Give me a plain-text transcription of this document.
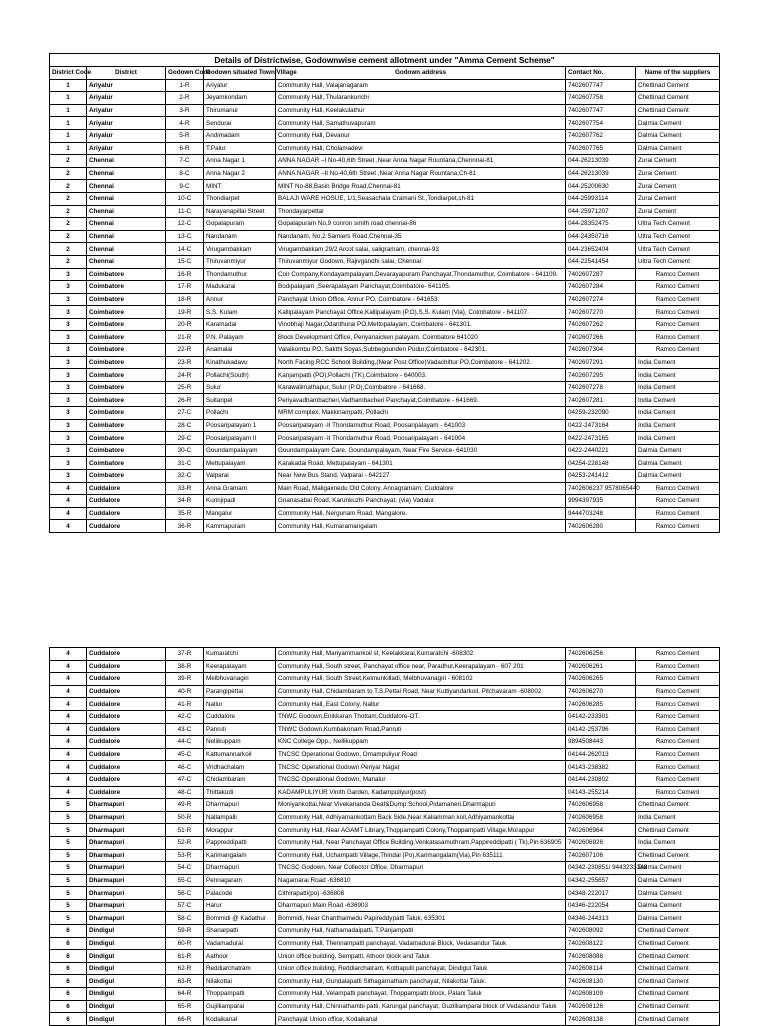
Details of Districtwise, Godownwise cement allotment under "Amma Cement Scheme"						
District Code	District	Godown Code	Godown situated Town/Village	Godown address	Contact No.	Name of the suppliers
1	Ariyalur	1-R	Ariyalur	Community Hall, Valajanagaram	7402607747	Chettinad Cement
1	Ariyalur	2-R	Jeyamkondam	Community Hall, Thularankurichi	7402607758	Chettinad Cement
1	Ariyalur	3-R	Thirumanur	Community Hall, Keelakulathur	7402607747	Chettinad Cement
1	Ariyalur	4-R	Sendurai	Community Hall, Samathuvapuram	7402607754	Dalmia Cement
1	Ariyalur	5-R	Andimadam	Community Hall, Devanur	7402607762	Dalmia Cement
1	Ariyalur	6-R	T.Palur	Community Hall, Cholamadevi	7402607765	Dalmia Cement
2	Chennai	7-C	Anna Nagar 1	ANNA NAGAR –I No-40,6th Street ,Near Anna Nagar Rountana,Chennnai-81	044-26213039	Zurai Cement
2	Chennai	8-C	Anna Nagar 2	ANNA NAGAR –II No-40,6th Street ,Near Anna Nagar Rountana,Ch-81	044-26213039	Zurai Cement
2	Chennai	9-C	MINT	MINT No-88,Basin Bridge Road,Chennai-81	044-25200630	Zurai Cement
2	Chennai	10-C	Thondiarpet	BALAJI WARE HOSUE, 1/1,Seasachala Cramani St.,Tondiarpet,ch-81	044-25993114	Zurai Cement
2	Chennai	11-C	Narayanapillai Street	Thondayarpettai	044-25971207	Zurai Cement
2	Chennai	12-C	Gopalapuram	Gopalapuram No,9 conron smith road chennai-86	044-28352475	Ultra Tech Cement
2	Chennai	13-C	Nandanam	Nandanam, No,2 Samiers Road,Chennai-35	044-24350716	Ultra Tech Cement
2	Chennai	14-C	Virugambakkam	Virugambakkam 29/2 Arcot salai, saligramam, chennai-93	044-23652404	Ultra Tech Cement
2	Chennai	15-C	Thiruvanmiyur	Thiruvanmiyur Godown, Rajivgandhi salai, Chennai	044-22541454	Ultra Tech Cement
3	Coimbatore	16-R	Thondamuthur	Coir Company,Kondayampalayam,Devarayapuram Panchayat,Thondamuthur, Coimbatore - 641109.	7402607287	Ramco Cement
3	Coimbatore	17-R	Madukarai	Bodipalayam ,Seerapalayam Panchayat,Coimbatore- 641105.	7402607284	Ramco Cement
3	Coimbatore	18-R	Annur	Panchayat Union Office, Annur PO, Coimbatore - 641653.	7402607274	Ramco Cement
3	Coimbatore	19-R	S.S. Kulam	Kallipalayam Panchayat Office,Kallipalayam (P.O),S.S. Kulam (Via), Coimbatore - 641107.	7402607270	Ramco Cement
3	Coimbatore	20-R	Karamadai	Vinobhaji Nagar,Odanthurai PO,Mettupalayam, Coimbatore - 641301.	7402607262	Ramco Cement
3	Coimbatore	21-R	P.N. Palayam	Block Development Office, Periyanaicken palayam. Coimbatore 641020	7402607266	Ramco Cement
3	Coimbatore	22-R	Anamalai	Valaikombu PO, Sakthi Soyas,Subbegounden Pudur,Coimbatore - 642301.	7402607304	Ramco Cement
3	Coimbatore	23-R	Kinathukadavu	North Facing RCC School Building,(Near Post Office)Vadachittur PO,Coimbatore - 641202.	7402607291	India Cement
3	Coimbatore	24-R	Pollachi(South)	Kanjampatti (PO),Pollachi (TK),Coimbatore - 640003.	7402607295	India Cement
3	Coimbatore	25-R	Sulur	Karawalimathapur, Sulur (P.O),Coimbatore - 641668.	7402607278	India Cement
3	Coimbatore	26-R	Sultanpet	Periyavadhambacheri,Vadhambacheri Panchayat,Coimbatore - 641669.	7402607281	India Cement
3	Coimbatore	27-C	Pollachi	MRM complex, Makkinampatti, Pollachi	04259-232090	India Cement
3	Coimbatore	28-C	Poosaripalayam 1	Poosaripalayam -II Thondamuthur Road, Poosaripalayam - 641003	0422-2473164	India Cement
3	Coimbatore	29-C	Poosaripalayam II	Poosaripalayam -II Thondamuthur Road, Poosaripalayam - 641004	0422-2473165	India Cement
3	Coimbatore	30-C	Goundampalayam	Goundampalayam Care, Goundampalayam, Near Fire Service- 641030	0422-2440221	Dalmia Cement
3	Coimbatore	31-C	Mettupalayam	Karakadai Road, Mettupalayam - 641301	04254-228148	Dalmia Cement
3	Coimbatore	32-C	Valparai	Near New Bus Stand, Valparai - 642127	04253-241412	Dalmia Cement
4	Cuddalore	33-R	Anna Gramam	Main Road, Maligaimedu Old Colony, Annagramam, Cuddalore	7402606237 9578065440	Ramco Cement
4	Cuddalore	34-R	Kurinjipadi	Gnanasabai Road, Karunkuzhi Panchayat, (via) Vadalur	9994397935	Ramco Cement
4	Cuddalore	35-R	Mangalur	Community Hall, Nergunam Road, Mangalore.	9444703248	Ramco Cement
4	Cuddalore	36-R	Kammapuram	Community Hall, Kumaramangalam	7402606280	Ramco Cement
4	Cuddalore	37-R	Kumaratchi	Community Hall, Mariyammankoil st, Keelakkarai,Kumaratchi -608302	7402606256	Ramco Cement
4	Cuddalore	38-R	Keerapalayam	Community Hall, South street, Panchayat office near, Paradhur,Keerapalayam - 607 201	7402606261	Ramco Cement
4	Cuddalore	39-R	Melbhuvanagiri	Community Hall, South Street,Kelmunkilladi, Melbhuvanagiri - 608102	7402606265	Ramco Cement
4	Cuddalore	40-R	Parangipettai	Community Hall, Chidambaram to T.S.Pettai Road, Near Kuttiyandarkoil, Pitchavaram -608002	7402606270	Ramco Cement
4	Cuddalore	41-R	Nallur	Community Hall, East Colony, Nallur	7402606285	Ramco Cement
4	Cuddalore	42-C	Cuddalore	TNWC Godown,Enikkaran Thottam,Cuddalore-OT.	04142-233301	Ramco Cement
4	Cuddalore	43-C	Panruti	TNWC Godown,Kumbakonam Road,Panruti	04142-253796	Ramco Cement
4	Cuddalore	44-C	Neliikuppam	KNC College Opp., Nellikuppam	9894508443	Ramco Cement
4	Cuddalore	45-C	Kattumannarkoil	TNCSC Operational Godown, Omampuliyur Road	04144-262013	Ramco Cement
4	Cuddalore	46-C	Vridhachalam	TNCSC Operational Godown Periyar Nagar	04143-238382	Ramco Cement
4	Cuddalore	47-C	Chidambaram	TNCSC Operational Godown, Manalur	04144-230802	Ramco Cement
4	Cuddalore	48-C	Thittakudi	KADAMPULIYUR Vinith Garden, Kadampuliyur(post)	04143-255214	Ramco Cement
5	Dharmapuri	49-R	Dharmapuri	Moniyankottai,Near Vivekananda Deaf&Dump School,Pidamaneri,Dharmapuri	7402606958	Chettinad Cement
5	Dharmapuri	50-R	Nallampalli	Community Hall, Adhiyamankottam Back Side,Near Kaliamman koil,Adhiyamankottai	7402606958	India Cement
5	Dharmapuri	51-R	Morappur	Community Hall, Near AGAMT Library,Thoppampatti Colony,Thoppampatti Village,Morappur	7402606964	Chettinad Cement
5	Dharmapuri	52-R	Pappreddipatti	Community Hall, Near Panchayat Office Building,Venkatasamuthram,Pappireddipatti ( Tk),Pin 636905	7402606926	India Cement
5	Dharmapuri	53-R	Karimangalam	Community Hall, Uchampatti Village,Thindal (Po),Karimangalam(Via),Pin 635111	7402607106	Chettinad Cement
5	Dharmapuri	54-C	Dharmapuri	TNCSC Godown, Near Collector Office, Dharmapuri	04342-230851/ 9443233348	Dalmia Cement
5	Dharmapuri	55-C	Pennagaram	Nagamarai Road -636810	04342-255657	Dalmia Cement
5	Dharmapuri	56-C	Palacode	Cithirapatti(po) -636808	04348-222017	Dalmia Cement
5	Dharmapuri	57-C	Harur	Dharmapuri Main Road -636903	04346-222054	Dalmia Cement
5	Dharmapuri	58-C	Bommidi @ Kadathur	Bommidi, Near Chanthaimedu Papireddypatti Taluk, 635301	04346-244313	Dalmia Cement
6	Dindigul	59-R	Shanarpatti	Community Hall, Nathamadaipatti, T.Panjampatti	7402608092	Chettinad Cement
6	Dindigul	60-R	Vadamadurai	Community Hall, Thennampatti panchayat, Vadamadurai Block, Vedasandur Taluk	7402608122	Chettinad Cement
6	Dindigul	61-R	Aathoor	Union office building, Sempatti, Athoor block and Taluk	7402608088	Chettinad Cement
6	Dindigul	62-R	Reddiarchatram	Union office building, Reddiarchatram, Kothapulli panchayat, Dindigul Taluk	7402608114	Chettinad Cement
6	Dindigul	63-R	Nilakottai	Community Hall, Gundalapatti Sithagarnatham panchayat, Nilakottai Taluk.	7402608130	Chettinad Cement
6	Dindigul	64-R	Thoppampatti	Community Hall, Velampatti panchayat, Thoppampatti block, Palani Taluk	7402608109	Chettinad Cement
6	Dindigul	65-R	Gujilliamparai	Community Hall, Chinnathambi patti, Karungal panchayat, Guzilliamparai block of Vedasandur Taluk	7402608126	Chettinad Cement
6	Dindigul	66-R	Kodaikanal	Panchayat Union office, Kodaikanal	7402608138	Chettinad Cement
